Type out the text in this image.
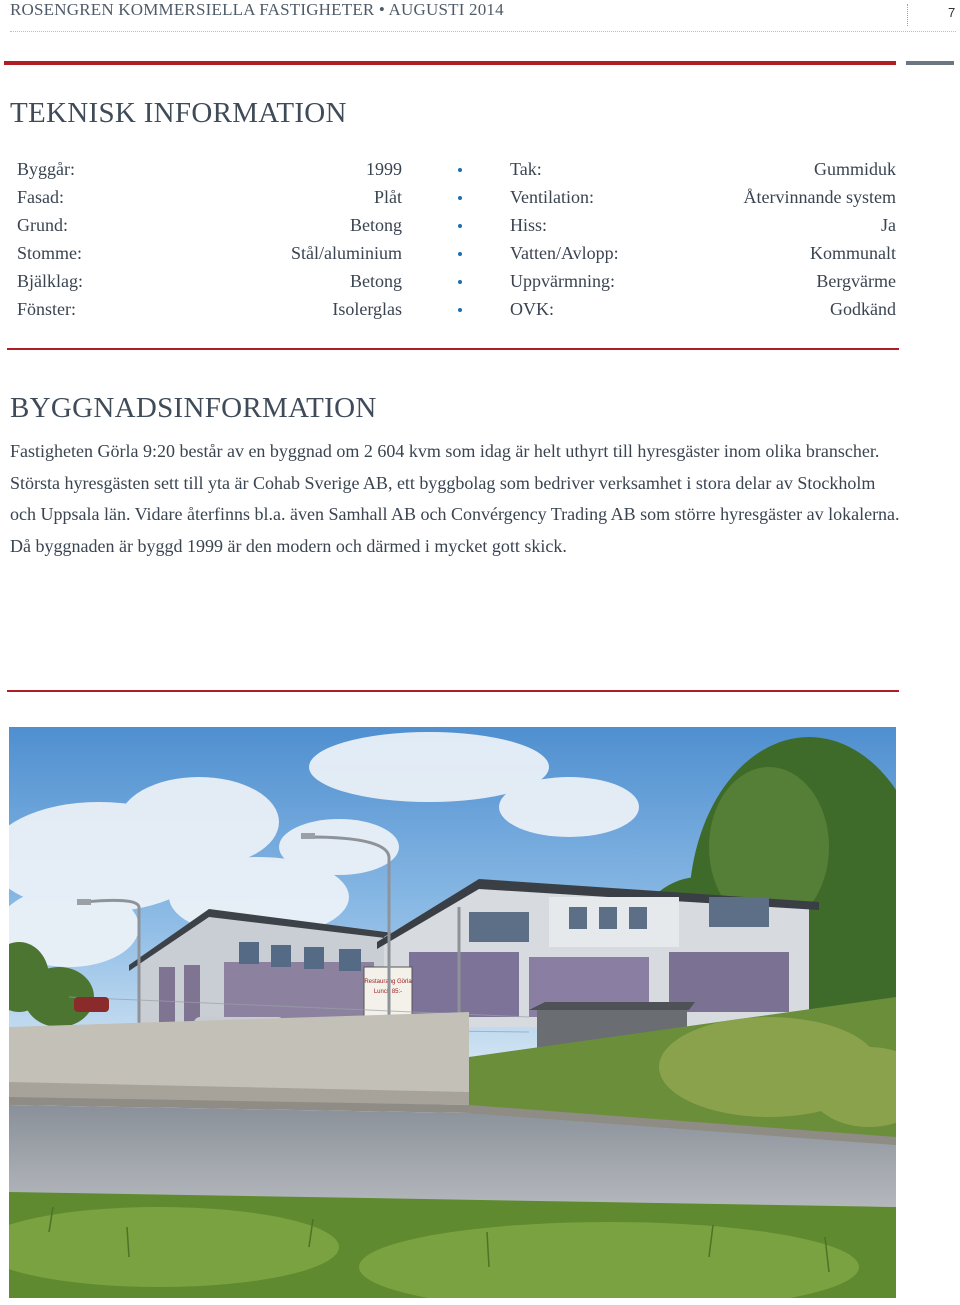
ROSENGREN KOMMERSIELLA FASTIGHETER • AUGUSTI 2014	7
TEKNISK INFORMATION
Byggår:	1999
Fasad:	Plåt
Grund:	Betong
Stomme:	Stål/aluminium
Bjälklag:	Betong
Fönster:	Isolerglas
Tak:	Gummiduk
Ventilation:	Återvinnande system
Hiss:	Ja
Vatten/Avlopp:	Kommunalt
Uppvärmning:	Bergvärme
OVK:	Godkänd
BYGGNADSINFORMATION

Fastigheten Görla 9:20 består av en byggnad om 2 604 kvm som idag är helt uthyrt till hyresgäster inom olika branscher. Största hyresgästen sett till yta är Cohab Sverige AB, ett byggbolag som bedriver verksamhet i stora delar av Stockholm och Uppsala län. Vidare återfinns bl.a. även Samhall AB och Convérgency Trading AB som större hyresgäster av lokalerna.

Då byggnaden är byggd 1999 är den modern och därmed i mycket gott skick.

Restaurang Görla
Lunch 85:-
